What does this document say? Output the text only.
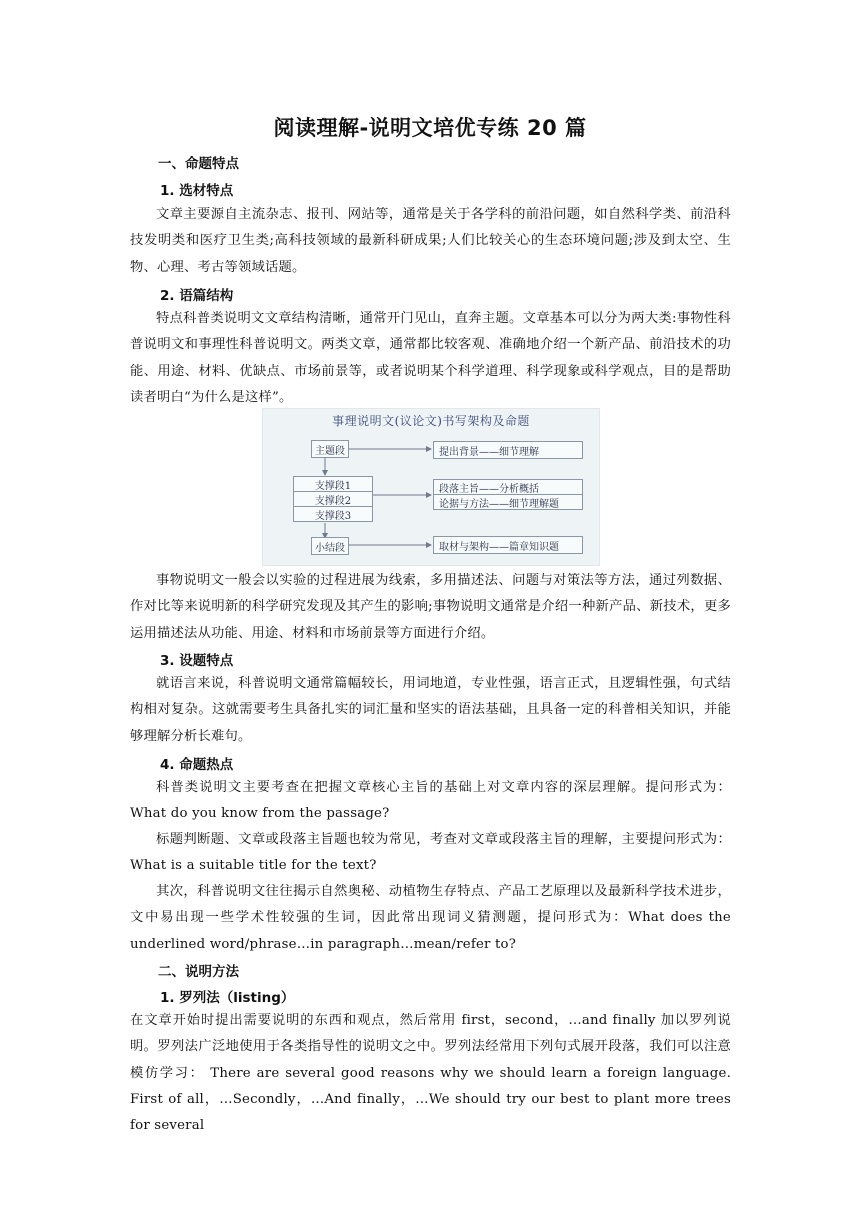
阅读理解-说明文培优专练 20 篇
一、命题特点
1. 选材特点

文章主要源自主流杂志、报刊、网站等，通常是关于各学科的前沿问题，如自然科学类、前沿科技发明类和医疗卫生类;高科技领域的最新科研成果;人们比较关心的生态环境问题;涉及到太空、生物、心理、考古等领域话题。

2. 语篇结构

特点科普类说明文文章结构清晰，通常开门见山，直奔主题。文章基本可以分为两大类:事物性科普说明文和事理性科普说明文。两类文章，通常都比较客观、准确地介绍一个新产品、前沿技术的功能、用途、材料、优缺点、市场前景等，或者说明某个科学道理、科学现象或科学观点，目的是帮助读者明白“为什么是这样”。

事理说明文(议论文)书写架构及命题
主题段
支撑段1
支撑段2
支撑段3
小结段
提出背景——细节理解
段落主旨——分析概括
论据与方法——细节理解题
取材与架构——篇章知识题

事物说明文一般会以实验的过程进展为线索，多用描述法、问题与对策法等方法，通过列数据、作对比等来说明新的科学研究发现及其产生的影响;事物说明文通常是介绍一种新产品、新技术，更多运用描述法从功能、用途、材料和市场前景等方面进行介绍。

3. 设题特点

就语言来说，科普说明文通常篇幅较长，用词地道，专业性强，语言正式，且逻辑性强，句式结构相对复杂。这就需要考生具备扎实的词汇量和坚实的语法基础，且具备一定的科普相关知识，并能够理解分析长难句。

4. 命题热点

科普类说明文主要考查在把握文章核心主旨的基础上对文章内容的深层理解。提问形式为：What do you know from the passage?

标题判断题、文章或段落主旨题也较为常见，考查对文章或段落主旨的理解，主要提问形式为：What is a suitable title for the text?

其次，科普说明文往往揭示自然奥秘、动植物生存特点、产品工艺原理以及最新科学技术进步，文中易出现一些学术性较强的生词，因此常出现词义猜测题，提问形式为：What does the underlined word/phrase…in paragraph…mean/refer to?

二、说明方法
1. 罗列法（listing）

在文章开始时提出需要说明的东西和观点，然后常用 first，second，…and finally 加以罗列说明。罗列法广泛地使用于各类指导性的说明文之中。罗列法经常用下列句式展开段落，我们可以注意模仿学习： There are several good reasons why we should learn a foreign language. First of all，…Secondly，…And finally，…We should try our best to plant more trees for several
